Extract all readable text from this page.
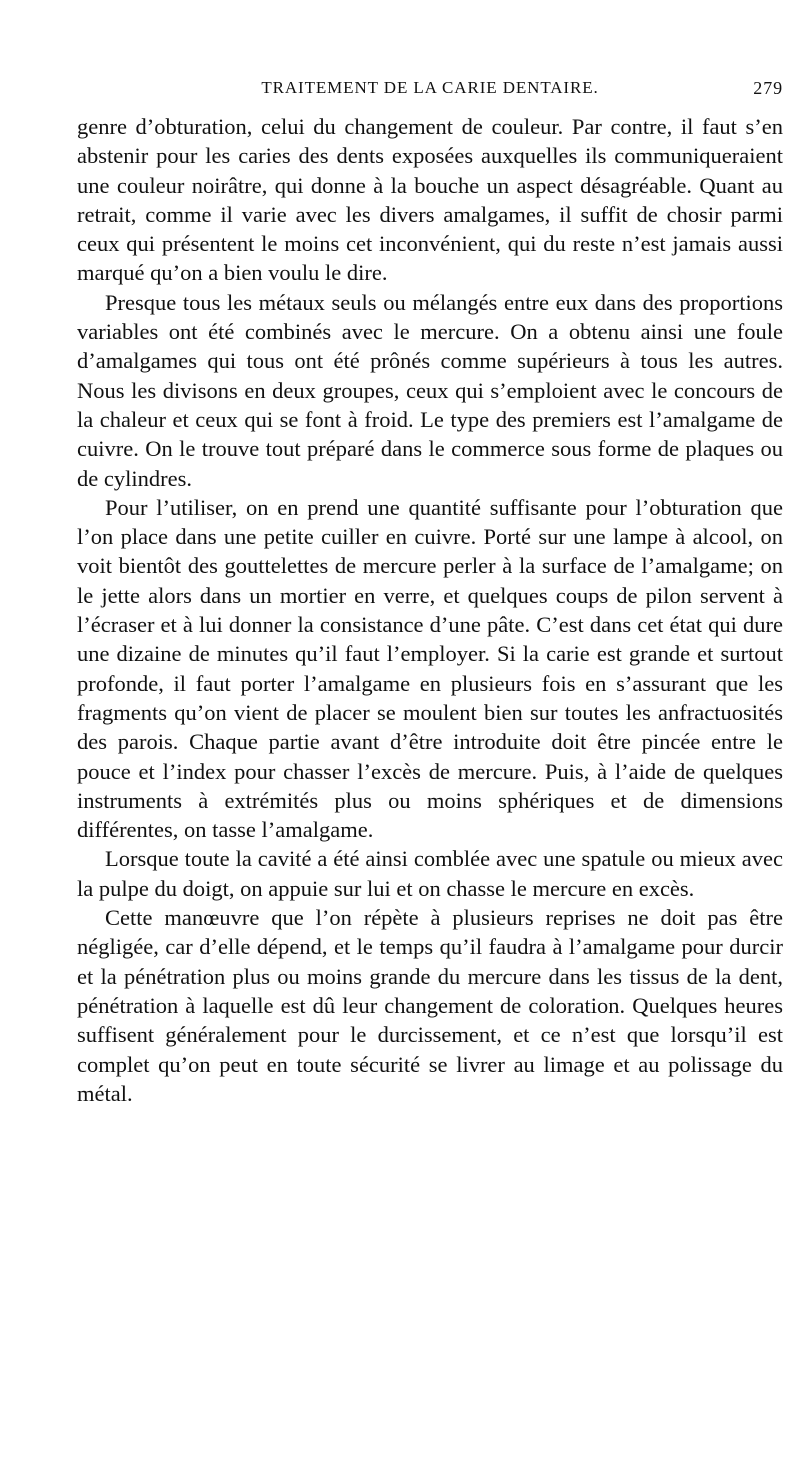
TRAITEMENT DE LA CARIE DENTAIRE.	279

genre d’obturation, celui du changement de couleur. Par contre, il faut s’en abstenir pour les caries des dents exposées auxquelles ils communiqueraient une couleur noirâtre, qui donne à la bouche un aspect désagréable. Quant au retrait, comme il varie avec les divers amalgames, il suffit de chosir parmi ceux qui présentent le moins cet inconvénient, qui du reste n’est jamais aussi marqué qu’on a bien voulu le dire.

Presque tous les métaux seuls ou mélangés entre eux dans des proportions variables ont été combinés avec le mercure. On a obtenu ainsi une foule d’amalgames qui tous ont été prônés comme supérieurs à tous les autres. Nous les divisons en deux groupes, ceux qui s’emploient avec le concours de la chaleur et ceux qui se font à froid. Le type des premiers est l’amalgame de cuivre. On le trouve tout préparé dans le commerce sous forme de plaques ou de cylindres.

Pour l’utiliser, on en prend une quantité suffisante pour l’obturation que l’on place dans une petite cuiller en cuivre. Porté sur une lampe à alcool, on voit bientôt des gouttelettes de mercure perler à la surface de l’amalgame; on le jette alors dans un mortier en verre, et quelques coups de pilon servent à l’écraser et à lui donner la consistance d’une pâte. C’est dans cet état qui dure une dizaine de minutes qu’il faut l’employer. Si la carie est grande et surtout profonde, il faut porter l’amalgame en plusieurs fois en s’assurant que les fragments qu’on vient de placer se moulent bien sur toutes les anfractuosités des parois. Chaque partie avant d’être introduite doit être pincée entre le pouce et l’index pour chasser l’excès de mercure. Puis, à l’aide de quelques instruments à extrémités plus ou moins sphériques et de dimensions différentes, on tasse l’amalgame.

Lorsque toute la cavité a été ainsi comblée avec une spatule ou mieux avec la pulpe du doigt, on appuie sur lui et on chasse le mercure en excès.

Cette manœuvre que l’on répète à plusieurs reprises ne doit pas être négligée, car d’elle dépend, et le temps qu’il faudra à l’amalgame pour durcir et la pénétration plus ou moins grande du mercure dans les tissus de la dent, pénétration à laquelle est dû leur changement de coloration. Quelques heures suffisent généralement pour le durcissement, et ce n’est que lorsqu’il est complet qu’on peut en toute sécurité se livrer au limage et au polissage du métal.
